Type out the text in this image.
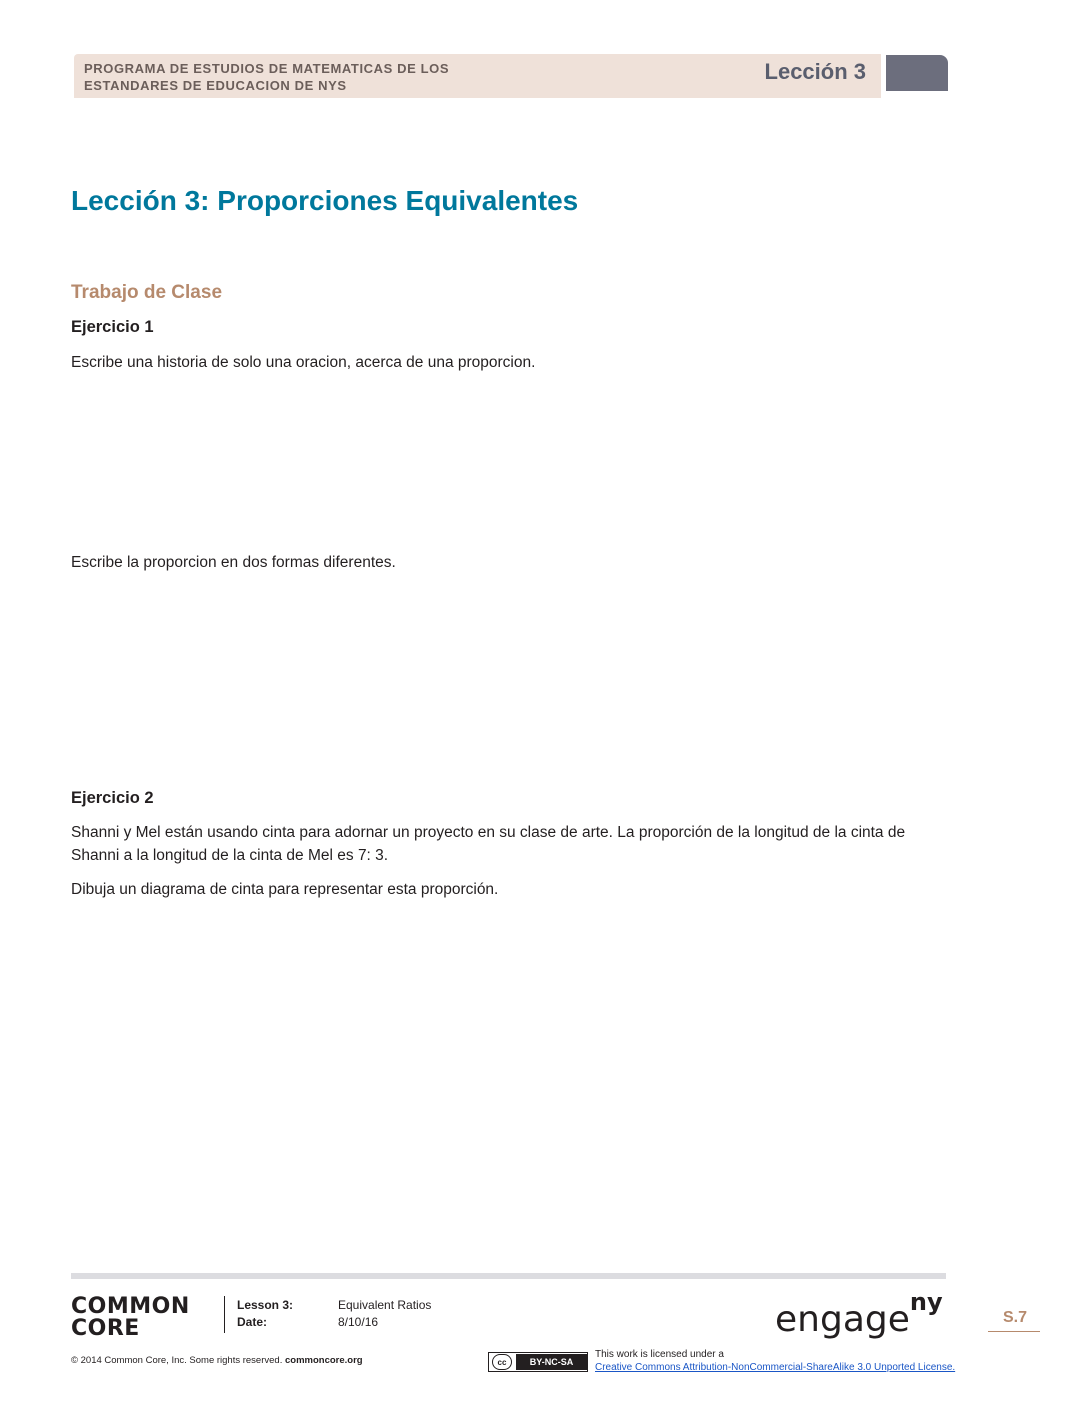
PROGRAMA DE ESTUDIOS DE MATEMATICAS DE LOS
ESTANDARES DE EDUCACION DE NYS
Lección 3
Lección 3: Proporciones Equivalentes
Trabajo de Clase
Ejercicio 1
Escribe una historia de solo una oracion, acerca de una proporcion.
Escribe la proporcion en dos formas diferentes.
Ejercicio 2
Shanni y Mel están usando cinta para adornar un proyecto en su clase de arte. La proporción de la longitud de la cinta de
Shanni a la longitud de la cinta de Mel es 7: 3.
Dibuja un diagrama de cinta para representar esta proporción.
COMMON
CORE
Lesson 3:	Equivalent Ratios
Date:	8/10/16	engage$^{ny}$
S.7
© 2014 Common Core, Inc. Some rights reserved. commoncore.org	cc	BY-NC-SA
This work is licensed under a
Creative Commons Attribution-NonCommercial-ShareAlike 3.0 Unported License.
